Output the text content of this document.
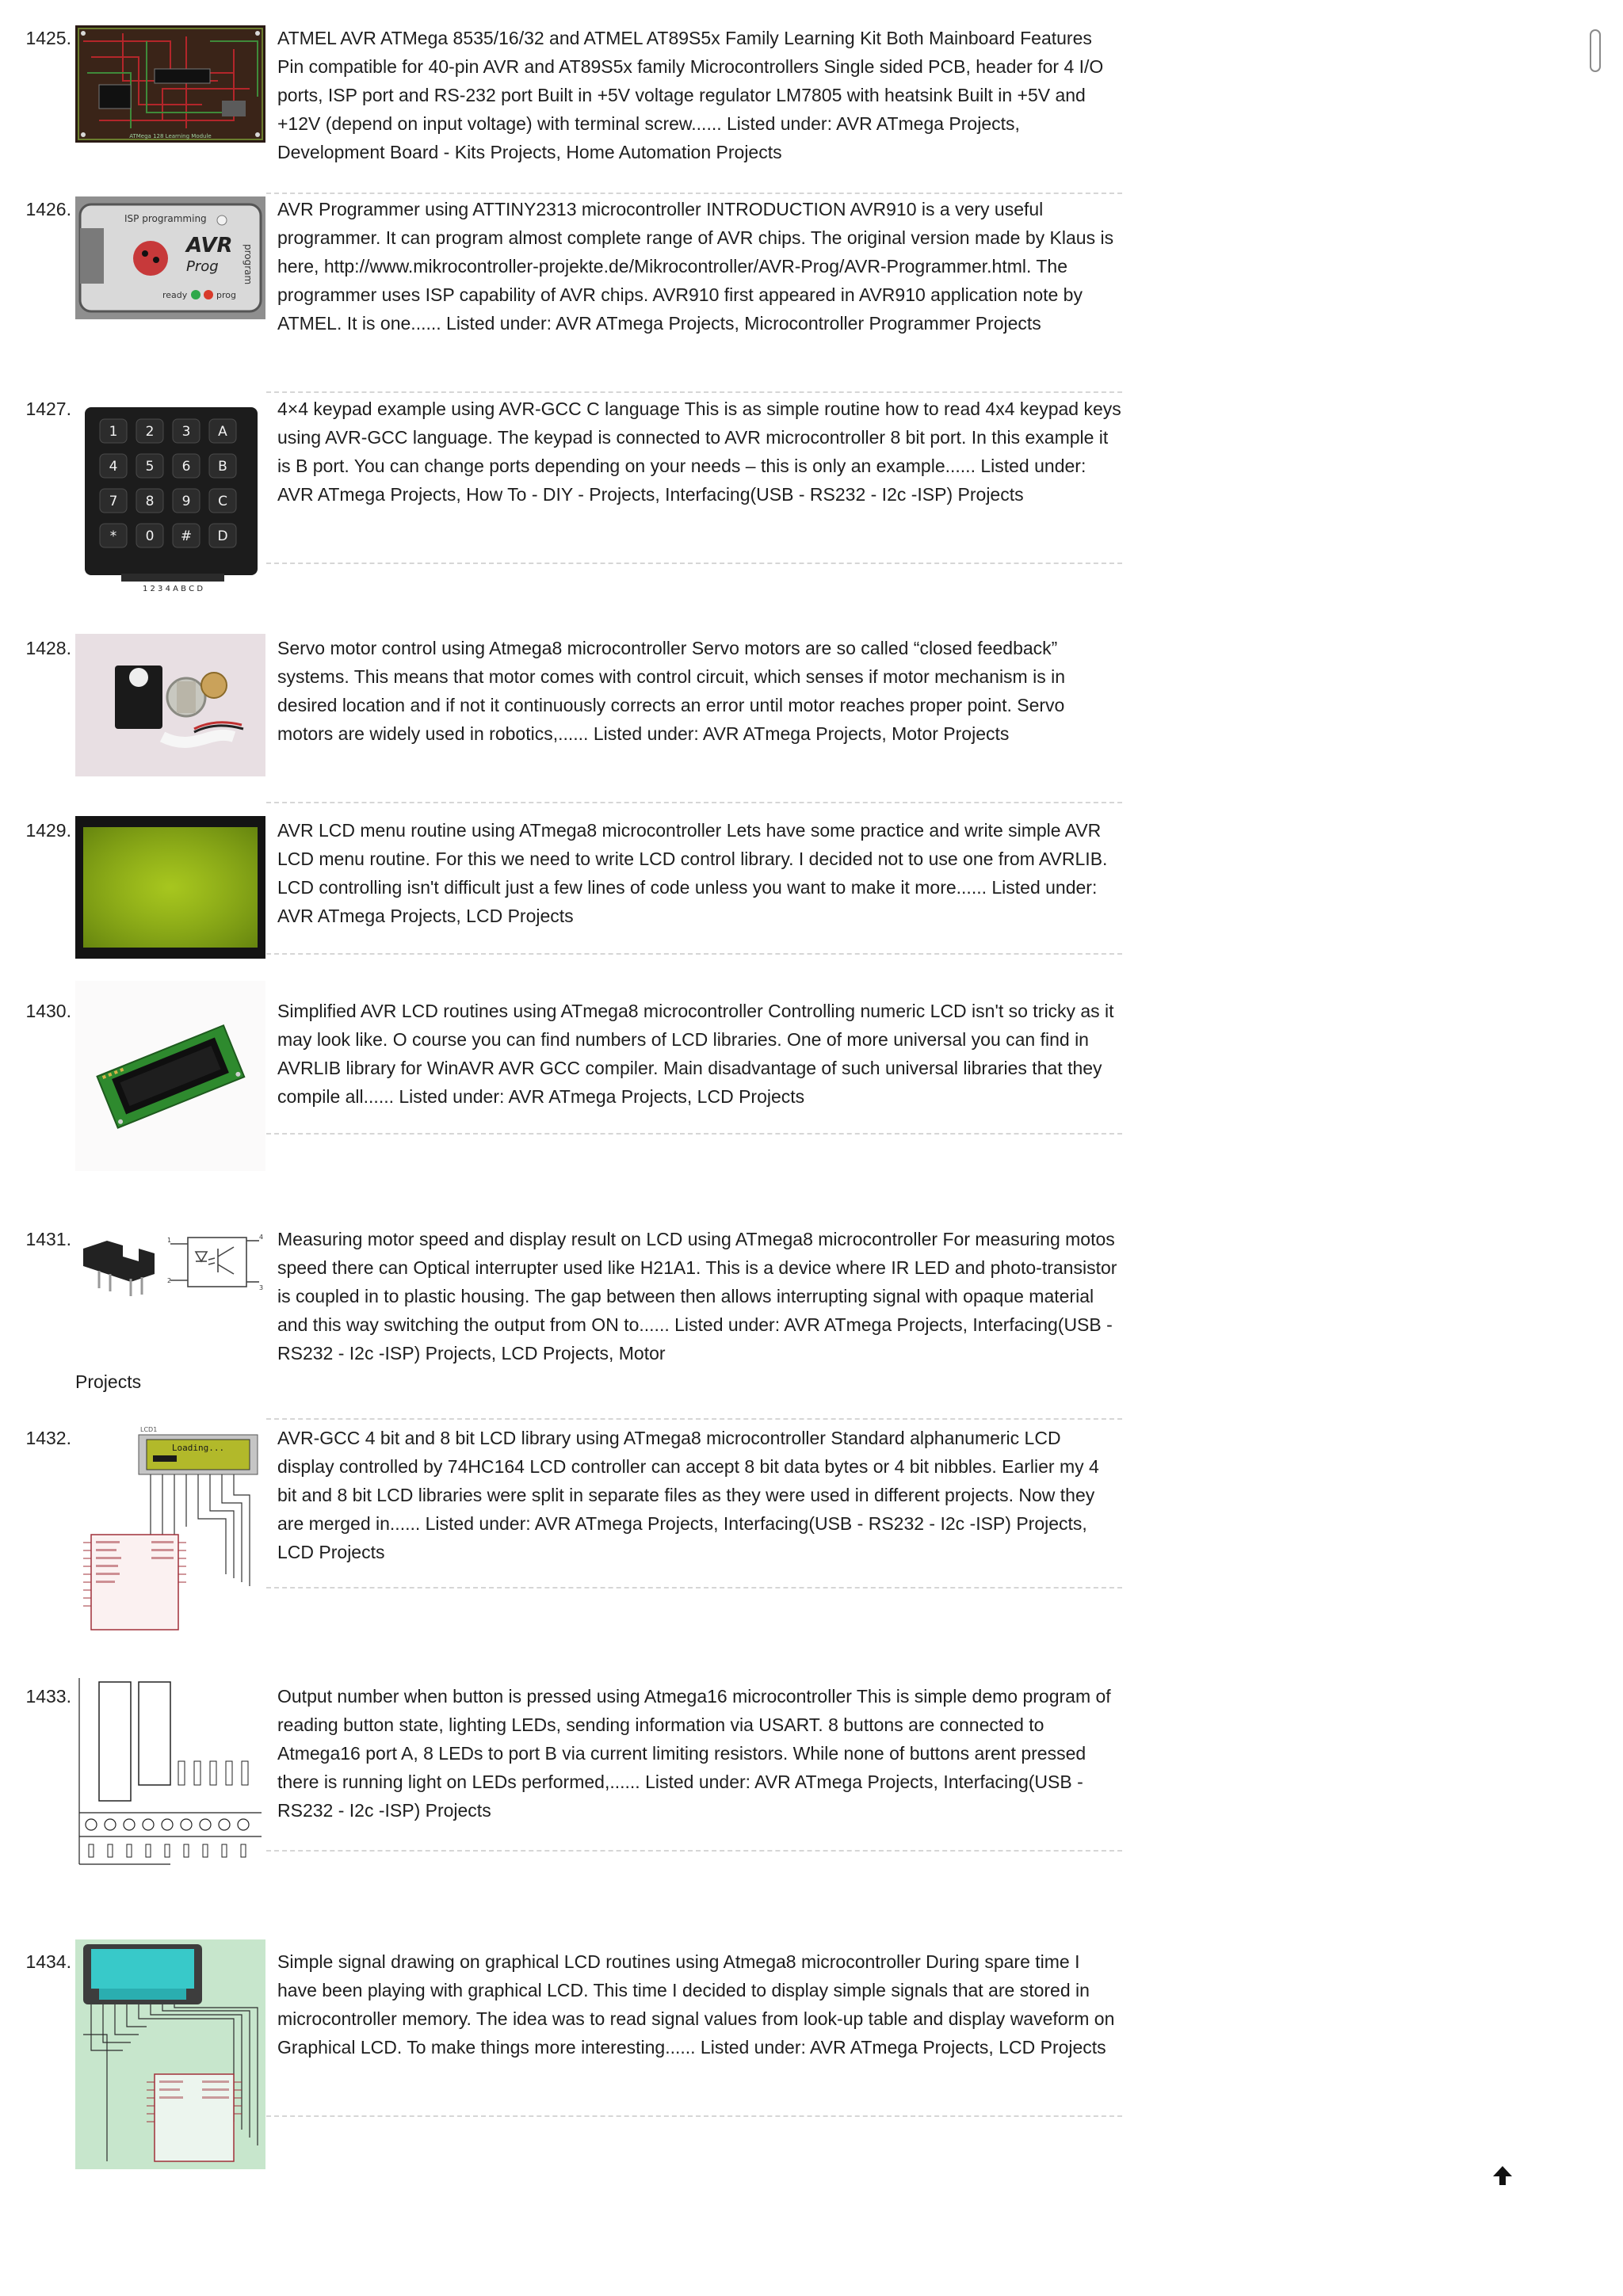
1425.
ATMega 128 Learning Module

ATMEL AVR ATMega 8535/16/32 and ATMEL AT89S5x Family Learning Kit Both Mainboard Features Pin compatible for 40-pin AVR and AT89S5x family Microcontrollers Single sided PCB, header for 4 I/O ports, ISP port and RS-232 port Built in +5V voltage regulator LM7805 with heatsink Built in +5V and +12V (depend on input voltage) with terminal screw...... Listed under: AVR ATmega Projects, Development Board - Kits Projects, Home Automation Projects

1426.	ISP programming
AVR
Prog	program
ready	prog

AVR Programmer using ATTINY2313 microcontroller INTRODUCTION AVR910 is a very useful programmer. It can program almost complete range of AVR chips. The original version made by Klaus is here, http://www.mikrocontroller-projekte.de/Mikrocontroller/AVR-Prog/AVR-Programmer.html. The programmer uses ISP capability of AVR chips. AVR910 first appeared in AVR910 application note by ATMEL. It is one...... Listed under: AVR ATmega Projects, Microcontroller Programmer Projects

1427.
1 2 3 4 A B C D
1 2 3 A
4 5 6 B
7 8 9 C
* 0 # D

4×4 keypad example using AVR-GCC C language This is as simple routine how to read 4x4 keypad keys using AVR-GCC language. The keypad is connected to AVR microcontroller 8 bit port. In this example it is B port. You can change ports depending on your needs – this is only an example...... Listed under: AVR ATmega Projects, How To - DIY - Projects, Interfacing(USB - RS232 - I2c -ISP) Projects

1428.	Servo motor control using Atmega8 microcontroller Servo motors are so called “closed feedback” systems. This means that motor comes with control circuit, which senses if motor mechanism is in desired location and if not it continuously corrects an error until motor reaches proper point. Servo motors are widely used in robotics,...... Listed under: AVR ATmega Projects, Motor Projects

1429.	AVR LCD menu routine using ATmega8 microcontroller Lets have some practice and write simple AVR LCD menu routine. For this we need to write LCD control library. I decided not to use one from AVRLIB. LCD controlling isn't difficult just a few lines of code unless you want to make it more...... Listed under: AVR ATmega Projects, LCD Projects

1430.	Simplified AVR LCD routines using ATmega8 microcontroller Controlling numeric LCD isn't so tricky as it may look like. O course you can find numbers of LCD libraries. One of more universal you can find in AVRLIB library for WinAVR AVR GCC compiler. Main disadvantage of such universal libraries that they compile all...... Listed under: AVR ATmega Projects, LCD Projects

1431.	1
2
4
3

Measuring motor speed and display result on LCD using ATmega8 microcontroller For measuring motos speed there can Optical interrupter used like H21A1. This is a device where IR LED and photo-transistor is coupled in to plastic housing. The gap between then allows interrupting signal with opaque material and this way switching the output from ON to...... Listed under: AVR ATmega Projects, Interfacing(USB - RS232 - I2c -ISP) Projects, LCD Projects, Motor

Projects
1432.	LCD1
Loading...	AVR-GCC 4 bit and 8 bit LCD library using ATmega8 microcontroller Standard alphanumeric LCD display controlled by 74HC164 LCD controller can accept 8 bit data bytes or 4 bit nibbles. Earlier my 4 bit and 8 bit LCD libraries were split in separate files as they were used in different projects. Now they are merged in...... Listed under: AVR ATmega Projects, Interfacing(USB - RS232 - I2c -ISP) Projects, LCD Projects

1433.	Output number when button is pressed using Atmega16 microcontroller This is simple demo program of reading button state, lighting LEDs, sending information via USART. 8 buttons are connected to Atmega16 port A, 8 LEDs to port B via current limiting resistors. While none of buttons arent pressed there is running light on LEDs performed,...... Listed under: AVR ATmega Projects, Interfacing(USB - RS232 - I2c -ISP) Projects

1434.	Simple signal drawing on graphical LCD routines using Atmega8 microcontroller During spare time I have been playing with graphical LCD. This time I decided to display simple signals that are stored in microcontroller memory. The idea was to read signal values from look-up table and display waveform on Graphical LCD. To make things more interesting...... Listed under: AVR ATmega Projects, LCD Projects
